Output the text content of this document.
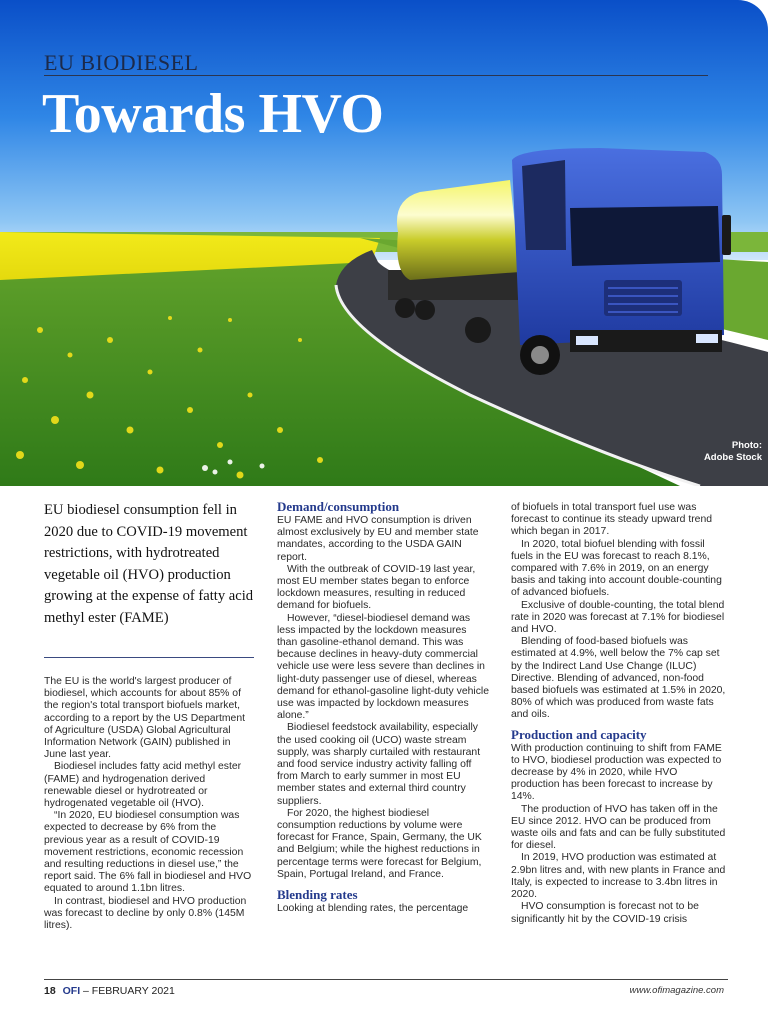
EU BIODIESEL
Towards HVO
Photo:
Adobe Stock
EU biodiesel consumption fell in 2020 due to COVID-19 movement restrictions, with hydrotreated vegetable oil (HVO) production growing at the expense of fatty acid methyl ester (FAME)

The EU is the world's largest producer of biodiesel, which accounts for about 85% of the region's total transport biofuels market, according to a report by the US Department of Agriculture (USDA) Global Agricultural Information Network (GAIN) published in June last year.

Biodiesel includes fatty acid methyl ester (FAME) and hydrogenation derived renewable diesel or hydrotreated or hydrogenated vegetable oil (HVO).

“In 2020, EU biodiesel consumption was expected to decrease by 6% from the previous year as a result of COVID-19 movement restrictions, economic recession and resulting reductions in diesel use,” the report said. The 6% fall in biodiesel and HVO equated to around 1.1bn litres.

In contrast, biodiesel and HVO production was forecast to decline by only 0.8% (145M litres).

Demand/consumption

EU FAME and HVO consumption is driven almost exclusively by EU and member state mandates, according to the USDA GAIN report.

With the outbreak of COVID-19 last year, most EU member states began to enforce lockdown measures, resulting in reduced demand for biofuels.

However, “diesel-biodiesel demand was less impacted by the lockdown measures than gasoline-ethanol demand. This was because declines in heavy-duty commercial vehicle use were less severe than declines in light-duty passenger use of diesel, whereas demand for ethanol-gasoline light-duty vehicle use was impacted by lockdown measures alone.”

Biodiesel feedstock availability, especially the used cooking oil (UCO) waste stream supply, was sharply curtailed with restaurant and food service industry activity falling off from March to early summer in most EU member states and external third country suppliers.

For 2020, the highest biodiesel consumption reductions by volume were forecast for France, Spain, Germany, the UK and Belgium; while the highest reductions in percentage terms were forecast for Belgium, Spain, Portugal Ireland, and France.

Blending rates

Looking at blending rates, the percentage

of biofuels in total transport fuel use was forecast to continue its steady upward trend which began in 2017.

In 2020, total biofuel blending with fossil fuels in the EU was forecast to reach 8.1%, compared with 7.6% in 2019, on an energy basis and taking into account double-counting of advanced biofuels.

Exclusive of double-counting, the total blend rate in 2020 was forecast at 7.1% for biodiesel and HVO.

Blending of food-based biofuels was estimated at 4.9%, well below the 7% cap set by the Indirect Land Use Change (ILUC) Directive. Blending of advanced, non-food based biofuels was estimated at 1.5% in 2020, 80% of which was produced from waste fats and oils.

Production and capacity

With production continuing to shift from FAME to HVO, biodiesel production was expected to decrease by 4% in 2020, while HVO production has been forecast to increase by 14%.

The production of HVO has taken off in the EU since 2012. HVO can be produced from waste oils and fats and can be fully substituted for diesel.

In 2019, HVO production was estimated at 2.9bn litres and, with new plants in France and Italy, is expected to increase to 3.4bn litres in 2020.

HVO consumption is forecast not to be significantly hit by the COVID-19 crisis

18 OFI – FEBRUARY 2021	www.ofimagazine.com
